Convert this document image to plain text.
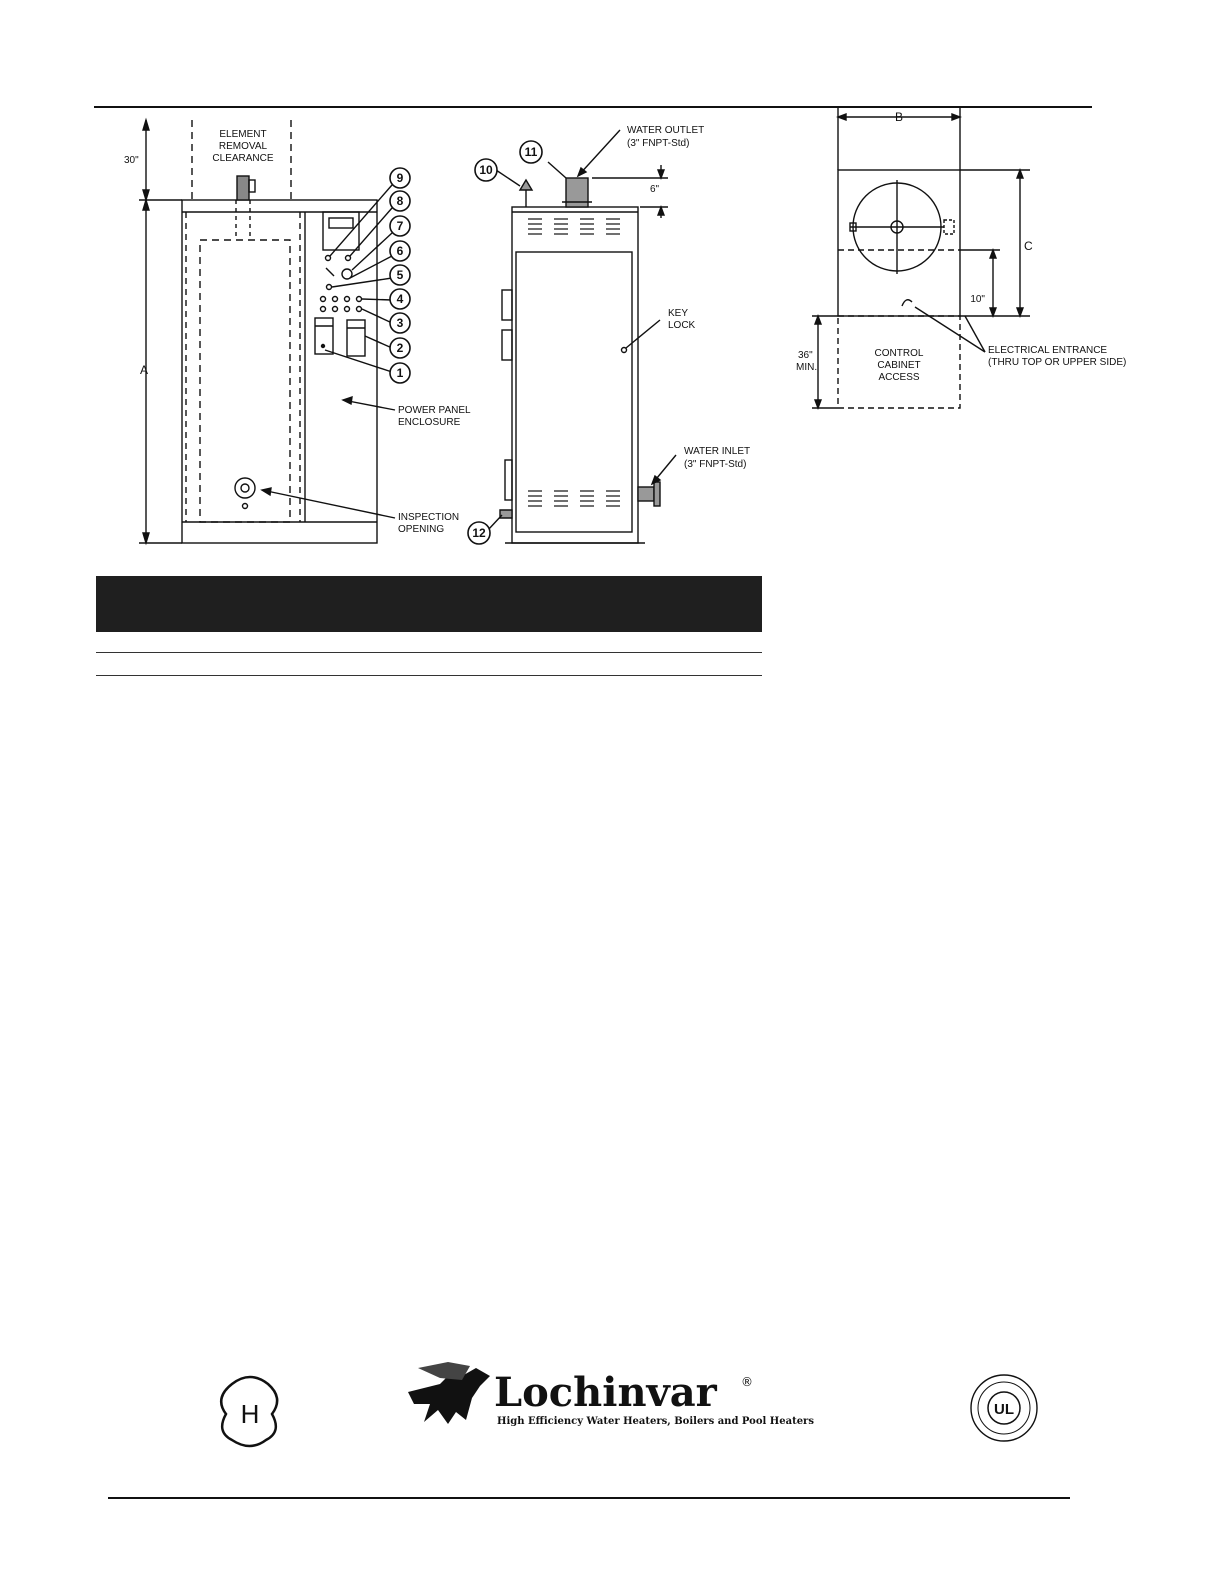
9
8
7
6
5
4
3
2
1
ELEMENT
REMOVAL
CLEARANCE
30"
A
POWER PANEL
ENCLOSURE
INSPECTION
OPENING
10
11
12
WATER OUTLET
(3" FNPT-Std)
6"
KEY
LOCK
WATER INLET
(3" FNPT-Std)
B
C
10"
36"
MIN.
CONTROL
CABINET
ACCESS
ELECTRICAL ENTRANCE
(THRU TOP OR UPPER SIDE)
H	Lochinvar ®
High Efficiency Water Heaters, Boilers and Pool Heaters
UL
